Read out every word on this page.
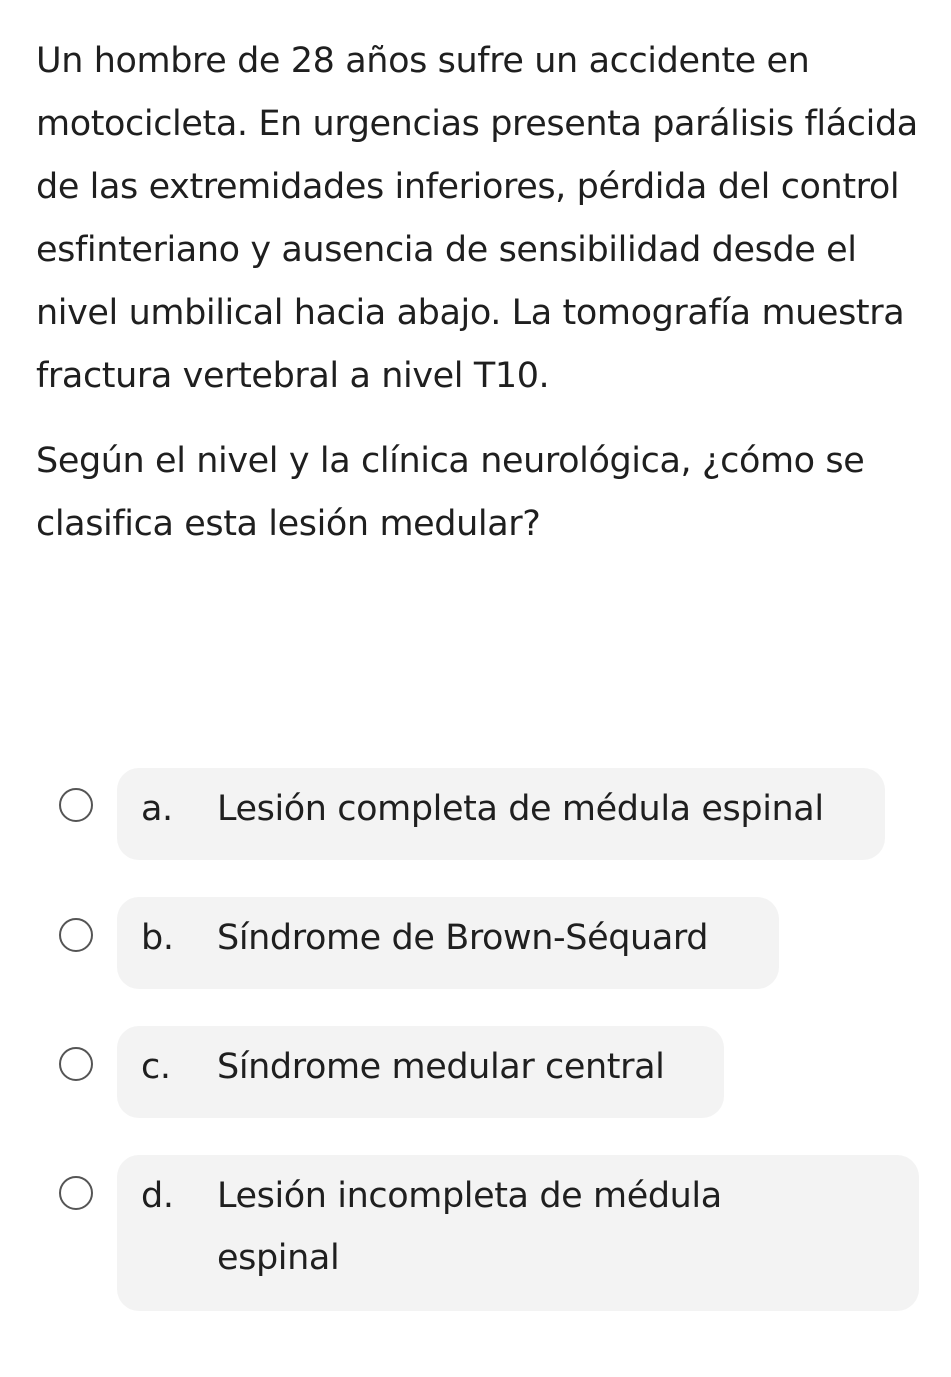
Un hombre de 28 años sufre un accidente en motocicleta. En urgencias presenta parálisis flácida de las extremidades inferiores, pérdida del control esfinteriano y ausencia de sensibilidad desde el nivel umbilical hacia abajo. La tomografía muestra fractura vertebral a nivel T10.

Según el nivel y la clínica neurológica, ¿cómo se clasifica esta lesión medular?

a. Lesión completa de médula espinal
b. Síndrome de Brown-Séquard
c. Síndrome medular central
d. Lesión incompleta de médula espinal
